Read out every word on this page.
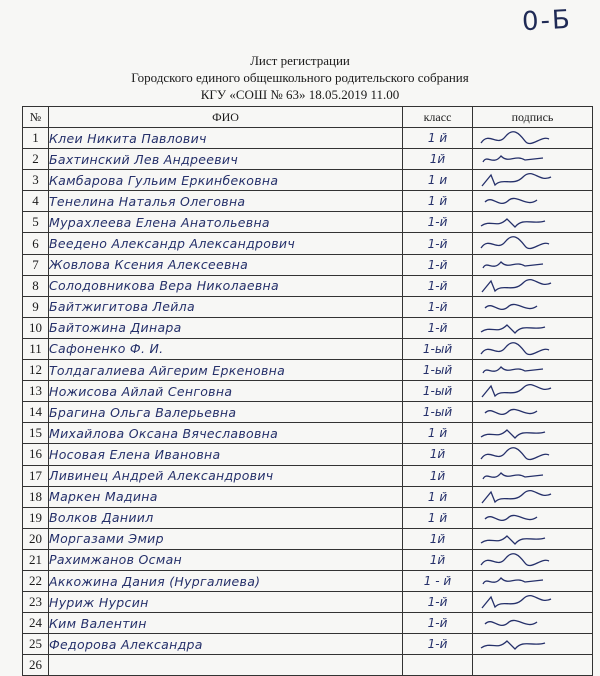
0-Б
Лист регистрации
Городского единого общешкольного родительского собрания
КГУ «СОШ № 63» 18.05.2019 11.00
№	ФИО	класс	подпись
1	Клеи Никита Павлович	1 й	

2	Бахтинский Лев Андреевич	1й	

3	Камбарова Гульим Еркинбековна	1 и	

4	Тенелина Наталья Олеговна	1 й	

5	Мурахлеева Елена Анатольевна	1-й	

6	Веедено Александр Александрович	1-й	

7	Жовлова Ксения Алексеевна	1-й	

8	Солодовникова Вера Николаевна	1-й	

9	Байтжигитова Лейла	1-й	

10	Байтожина Динара	1-й	

11	Сафоненко Ф. И.	1-ый	

12	Толдагалиева Айгерим Еркеновна	1-ый	

13	Ножисова Айлай Сенговна	1-ый	

14	Брагина Ольга Валерьевна	1-ый	

15	Михайлова Оксана Вячеславовна	1 й	

16	Носовая Елена Ивановна	1й	

17	Ливинец Андрей Александрович	1й	

18	Маркен Мадина	1 й	

19	Волков Даниил	1 й	

20	Моргазами Эмир	1й	

21	Рахимжанов Осман	1й	

22	Аккожина Дания (Нургалиева)	1 - й	

23	Нуриж Нурсин	1-й	

24	Ким Валентин	1-й	

25	Федорова Александра	1-й	

26			
